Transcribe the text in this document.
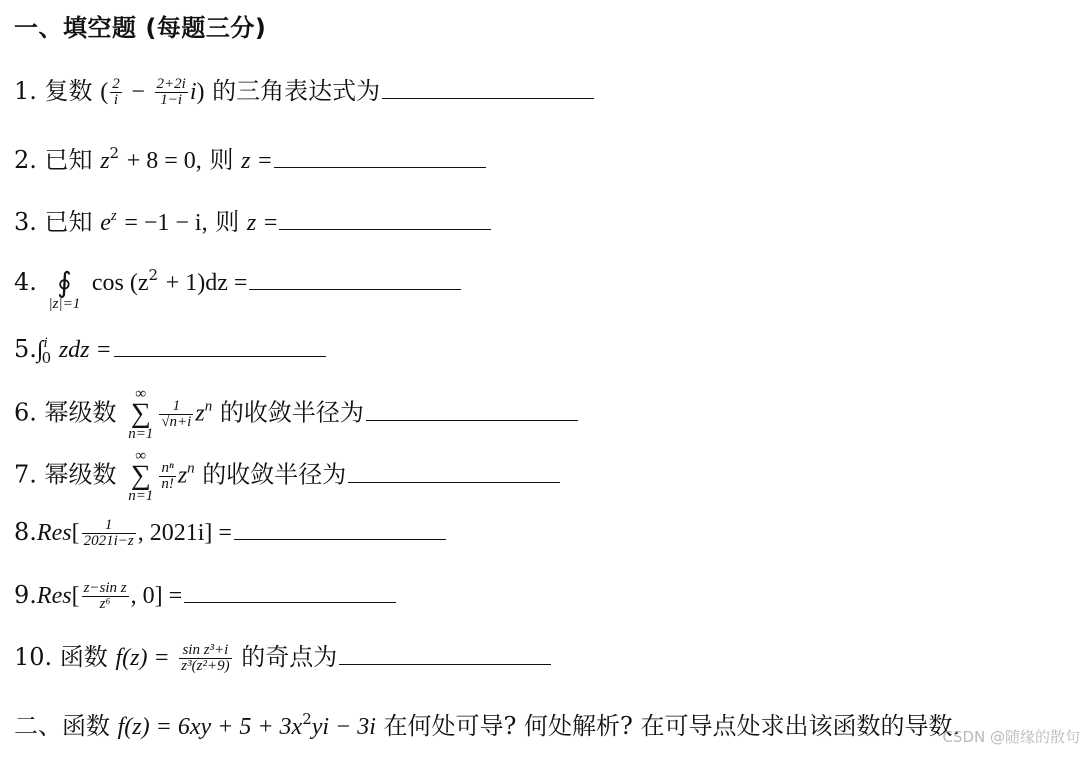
一、填空题 (每题三分)
1. 复数 ( $\frac{2}{i} - \frac{2+2i}{1-i} i$) 的三角表达式为
2. 已知 $z^2 + 8 = 0$, 则 z =
3. 已知 $e^z = -1 - i$, 则 z =
4. ∮
|z|=1
$\cos (z^2 + 1)dz$ =
5.∫$^i_0$ zdz =
6. 幂级数
∞
∑
n=1
$\frac{1}{√n+i} z^n$ 的收敛半径为
7. 幂级数
∞
∑
n=1
$\frac{\text{nⁿ}}{n!} z^n$ 的收敛半径为
$8.Res[ \frac{1}{2021i-z}$ , 2021i] =
$9.Res[ \frac{\text{z−sin z}}{\text{z⁶}}$ , 0] =
10. 函数 $f(z) = \frac{\text{sin z³+i}}{\text{z³(z²+9)}}$ 的奇点为
二、函数 $f(z) = 6xy + 5 + 3x^2yi - 3i$ 在何处可导? 何处解析? 在可导点处求出该函数的导数.
CSDN @随缘的散句
